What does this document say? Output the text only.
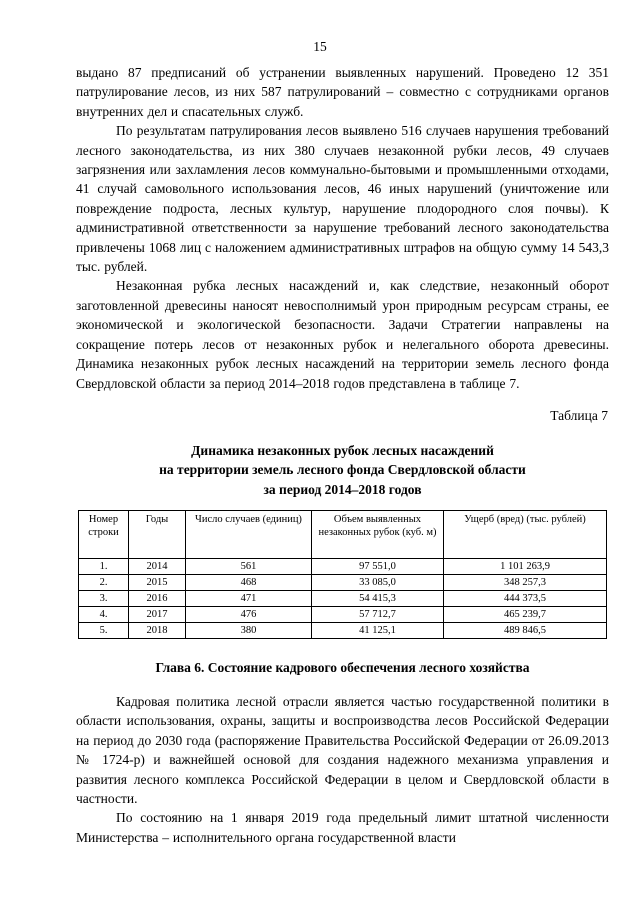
15

выдано 87 предписаний об устранении выявленных нарушений. Проведено 12 351 патрулирование лесов, из них 587 патрулирований – совместно с сотрудниками органов внутренних дел и спасательных служб.

По результатам патрулирования лесов выявлено 516 случаев нарушения требований лесного законодательства, из них 380 случаев незаконной рубки лесов, 49 случаев загрязнения или захламления лесов коммунально-бытовыми и промышленными отходами, 41 случай самовольного использования лесов, 46 иных нарушений (уничтожение или повреждение подроста, лесных культур, нарушение плодородного слоя почвы). К административной ответственности за нарушение требований лесного законодательства привлечены 1068 лиц с наложением административных штрафов на общую сумму 14 543,3 тыс. рублей.

Незаконная рубка лесных насаждений и, как следствие, незаконный оборот заготовленной древесины наносят невосполнимый урон природным ресурсам страны, ее экономической и экологической безопасности. Задачи Стратегии направлены на сокращение потерь лесов от незаконных рубок и нелегального оборота древесины. Динамика незаконных рубок лесных насаждений на территории земель лесного фонда Свердловской области за период 2014–2018 годов представлена в таблице 7.

Таблица 7
Динамика незаконных рубок лесных насаждений
на территории земель лесного фонда Свердловской области
за период 2014–2018 годов
Номер строки	Годы	Число случаев (единиц)	Объем выявленных незаконных рубок (куб. м)	Ущерб (вред) (тыс. рублей)
1.	2014	561	97 551,0	1 101 263,9
2.	2015	468	33 085,0	348 257,3
3.	2016	471	54 415,3	444 373,5
4.	2017	476	57 712,7	465 239,7
5.	2018	380	41 125,1	489 846,5
Глава 6. Состояние кадрового обеспечения лесного хозяйства

Кадровая политика лесной отрасли является частью государственной политики в области использования, охраны, защиты и воспроизводства лесов Российской Федерации на период до 2030 года (распоряжение Правительства Российской Федерации от 26.09.2013 № 1724-р) и важнейшей основой для создания надежного механизма управления и развития лесного комплекса Российской Федерации в целом и Свердловской области в частности.

По состоянию на 1 января 2019 года предельный лимит штатной численности Министерства – исполнительного органа государственной власти
